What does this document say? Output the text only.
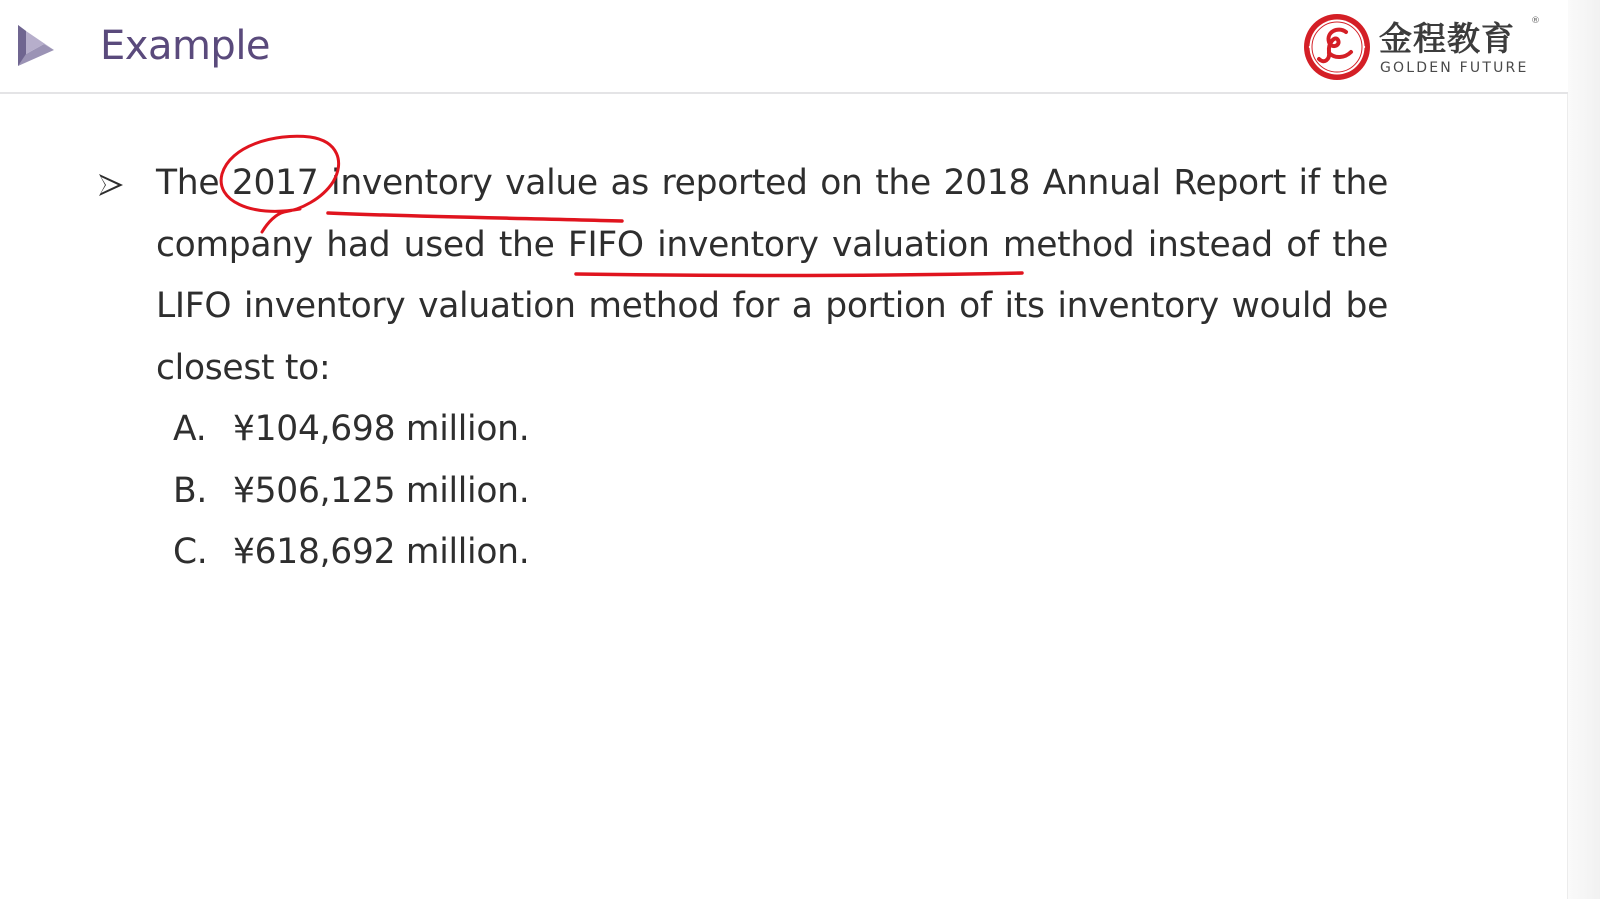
Example	金程教育
GOLDEN FUTURE
®
The 2017 inventory value as reported on the 2018 Annual Report if the company had used the FIFO inventory valuation method instead of the LIFO inventory valuation method for a portion of its inventory would be closest to:
A. ¥104,698 million.
B. ¥506,125 million.
C. ¥618,692 million.
